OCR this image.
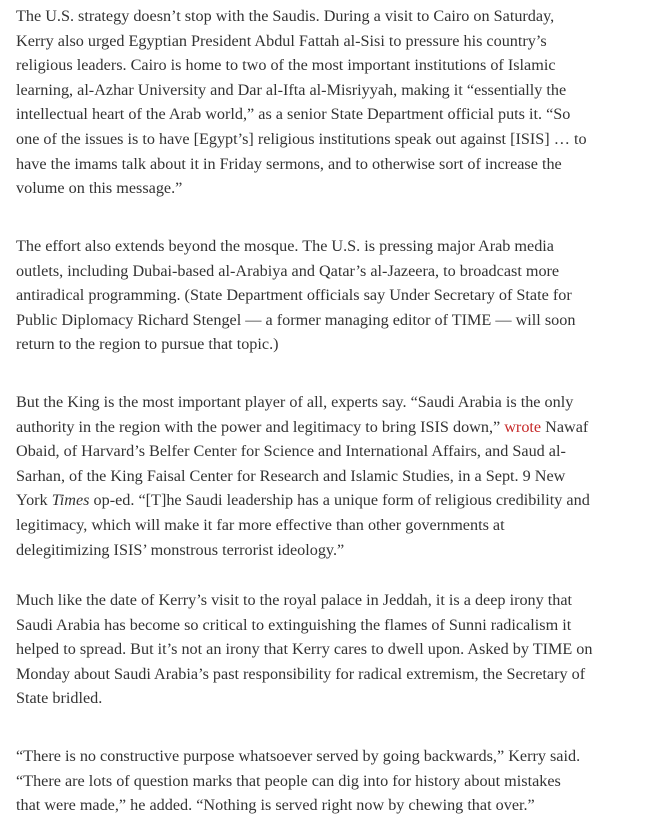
The U.S. strategy doesn’t stop with the Saudis. During a visit to Cairo on Saturday,
Kerry also urged Egyptian President Abdul Fattah al-Sisi to pressure his country’s
religious leaders. Cairo is home to two of the most important institutions of Islamic
learning, al-Azhar University and Dar al-Ifta al-Misriyyah, making it “essentially the
intellectual heart of the Arab world,” as a senior State Department official puts it. “So
one of the issues is to have [Egypt’s] religious institutions speak out against [ISIS] … to
have the imams talk about it in Friday sermons, and to otherwise sort of increase the
volume on this message.”

The effort also extends beyond the mosque. The U.S. is pressing major Arab media
outlets, including Dubai-based al-Arabiya and Qatar’s al-Jazeera, to broadcast more
antiradical programming. (State Department officials say Under Secretary of State for
Public Diplomacy Richard Stengel — a former managing editor of TIME — will soon
return to the region to pursue that topic.)

But the King is the most important player of all, experts say. “Saudi Arabia is the only
authority in the region with the power and legitimacy to bring ISIS down,” wrote Nawaf
Obaid, of Harvard’s Belfer Center for Science and International Affairs, and Saud al-
Sarhan, of the King Faisal Center for Research and Islamic Studies, in a Sept. 9 New
York Times op-ed. “[T]he Saudi leadership has a unique form of religious credibility and
legitimacy, which will make it far more effective than other governments at
delegitimizing ISIS’ monstrous terrorist ideology.”

Much like the date of Kerry’s visit to the royal palace in Jeddah, it is a deep irony that
Saudi Arabia has become so critical to extinguishing the flames of Sunni radicalism it
helped to spread. But it’s not an irony that Kerry cares to dwell upon. Asked by TIME on
Monday about Saudi Arabia’s past responsibility for radical extremism, the Secretary of
State bridled.

“There is no constructive purpose whatsoever served by going backwards,” Kerry said.
“There are lots of question marks that people can dig into for history about mistakes
that were made,” he added. “Nothing is served right now by chewing that over.”
